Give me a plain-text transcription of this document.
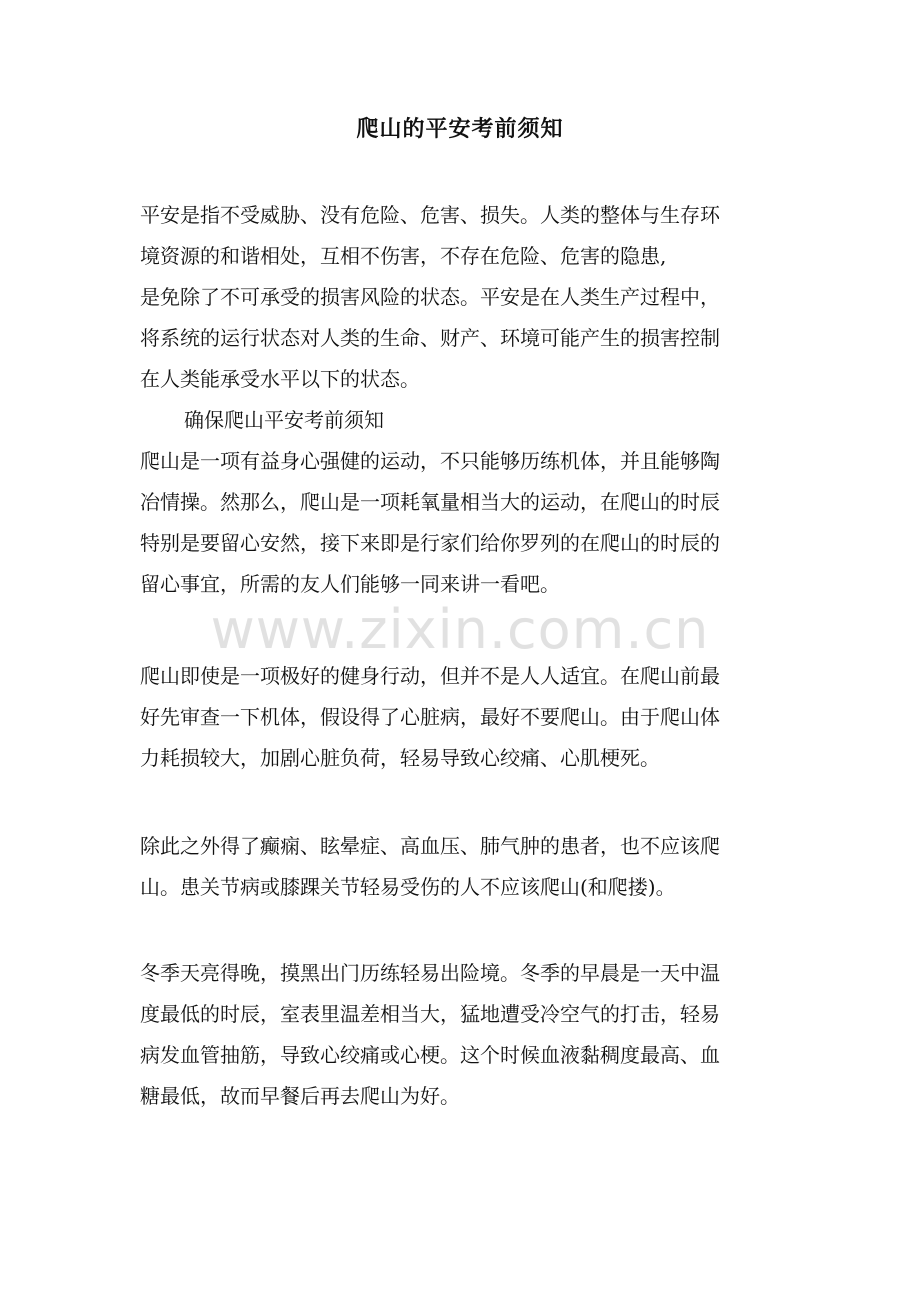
爬山的平安考前须知
平安是指不受威胁、没有危险、危害、损失。人类的整体与生存环
境资源的和谐相处，互相不伤害，不存在危险、危害的隐患,
是免除了不可承受的损害风险的状态。平安是在人类生产过程中，
将系统的运行状态对人类的生命、财产、环境可能产生的损害控制
在人类能承受水平以下的状态。
确保爬山平安考前须知
爬山是一项有益身心强健的运动，不只能够历练机体，并且能够陶
冶情操。然那么，爬山是一项耗氧量相当大的运动，在爬山的时辰
特别是要留心安然，接下来即是行家们给你罗列的在爬山的时辰的
留心事宜，所需的友人们能够一同来讲一看吧。
www.zixin.com.cn
爬山即使是一项极好的健身行动，但并不是人人适宜。在爬山前最
好先审查一下机体，假设得了心脏病，最好不要爬山。由于爬山体
力耗损较大，加剧心脏负荷，轻易导致心绞痛、心肌梗死。
除此之外得了癫痫、眩晕症、高血压、肺气肿的患者，也不应该爬
山。患关节病或膝踝关节轻易受伤的人不应该爬山(和爬搂)。
冬季天亮得晚，摸黑出门历练轻易出险境。冬季的早晨是一天中温
度最低的时辰，室表里温差相当大，猛地遭受冷空气的打击，轻易
病发血管抽筋，导致心绞痛或心梗。这个时候血液黏稠度最高、血
糖最低，故而早餐后再去爬山为好。
